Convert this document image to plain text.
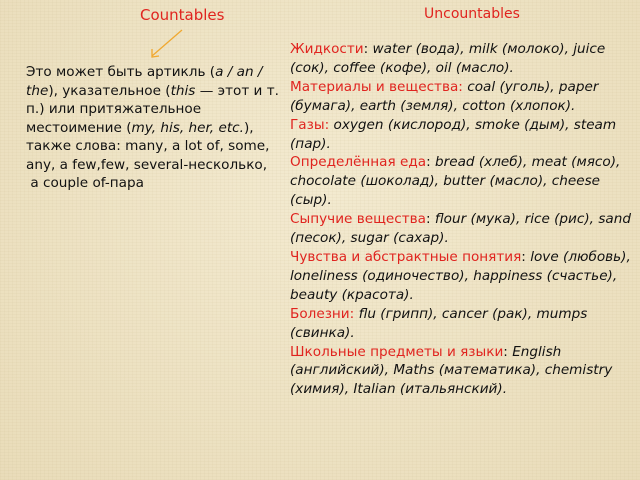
Countables	Uncountables
Это может быть артикль (a / an / the), указательное (this — этот и т. п.) или притяжательное местоимение (my, his, her, etc.), также слова: many, a lot of, some, any, a few,few, several-несколько,
a couple of-пара
Жидкости: water (вода), milk (молоко), juice (сок), coffee (кофе), oil (масло).
Материалы и вещества: coal (уголь), paper (бумага), earth (земля), cotton (хлопок).
Газы: oxygen (кислород), smoke (дым), steam (пар).
Определённая еда: bread (хлеб), meat (мясо), chocolate (шоколад), butter (масло), cheese (сыр).
Сыпучие вещества: flour (мука), rice (рис), sand (песок), sugar (сахар).
Чувства и абстрактные понятия: love (любовь), loneliness (одиночество), happiness (счастье), beauty (красота).
Болезни: flu (грипп), cancer (рак), mumps (свинка).
Школьные предметы и языки: English (английский), Maths (математика), chemistry (химия), Italian (итальянский).
